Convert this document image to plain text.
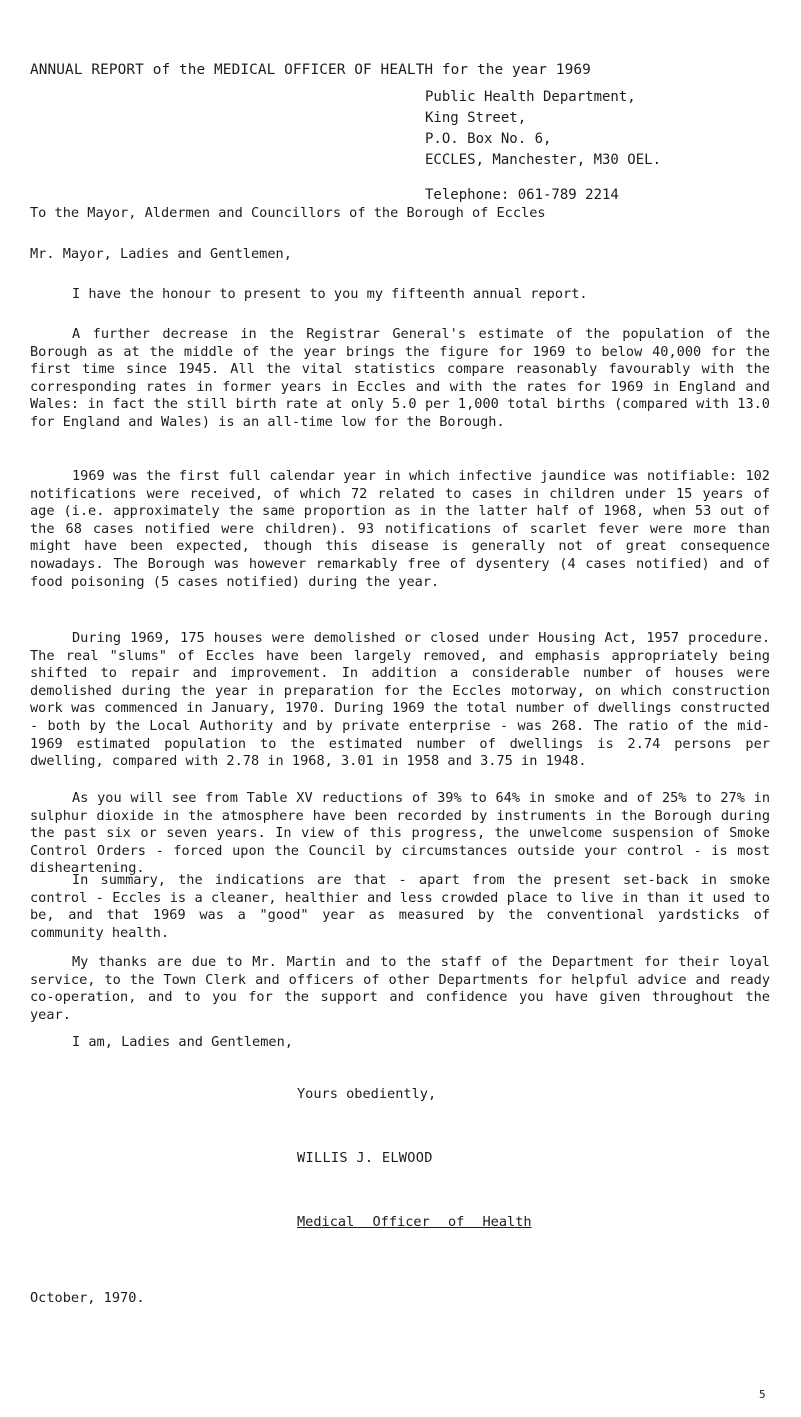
ANNUAL REPORT of the MEDICAL OFFICER OF HEALTH for the year 1969
Public Health Department,
King Street,
P.O. Box No. 6,
ECCLES, Manchester, M30 OEL.
Telephone: 061-789 2214
To the Mayor, Aldermen and Councillors of the Borough of Eccles
Mr. Mayor, Ladies and Gentlemen,
I have the honour to present to you my fifteenth annual report.
A further decrease in the Registrar General's estimate of the population of the Borough as at the middle of the year brings the figure for 1969 to below 40,000 for the first time since 1945. All the vital statistics compare reasonably favourably with the corresponding rates in former years in Eccles and with the rates for 1969 in England and Wales: in fact the still birth rate at only 5.0 per 1,000 total births (compared with 13.0 for England and Wales) is an all-time low for the Borough.
1969 was the first full calendar year in which infective jaundice was notifiable: 102 notifications were received, of which 72 related to cases in children under 15 years of age (i.e. approximately the same proportion as in the latter half of 1968, when 53 out of the 68 cases notified were children). 93 notifications of scarlet fever were more than might have been expected, though this disease is generally not of great consequence nowadays. The Borough was however remarkably free of dysentery (4 cases notified) and of food poisoning (5 cases notified) during the year.
During 1969, 175 houses were demolished or closed under Housing Act, 1957 procedure. The real "slums" of Eccles have been largely removed, and emphasis appropriately being shifted to repair and improvement. In addition a considerable number of houses were demolished during the year in preparation for the Eccles motorway, on which construction work was commenced in January, 1970. During 1969 the total number of dwellings constructed - both by the Local Authority and by private enterprise - was 268. The ratio of the mid-1969 estimated population to the estimated number of dwellings is 2.74 persons per dwelling, compared with 2.78 in 1968, 3.01 in 1958 and 3.75 in 1948.
As you will see from Table XV reductions of 39% to 64% in smoke and of 25% to 27% in sulphur dioxide in the atmosphere have been recorded by instruments in the Borough during the past six or seven years. In view of this progress, the unwelcome suspension of Smoke Control Orders - forced upon the Council by circumstances outside your control - is most disheartening.
In summary, the indications are that - apart from the present set-back in smoke control - Eccles is a cleaner, healthier and less crowded place to live in than it used to be, and that 1969 was a "good" year as measured by the conventional yardsticks of community health.
My thanks are due to Mr. Martin and to the staff of the Department for their loyal service, to the Town Clerk and officers of other Departments for helpful advice and ready co-operation, and to you for the support and confidence you have given throughout the year.
I am, Ladies and Gentlemen,
Yours obediently,
WILLIS J. ELWOOD
Medical Officer of Health
October, 1970.
5
